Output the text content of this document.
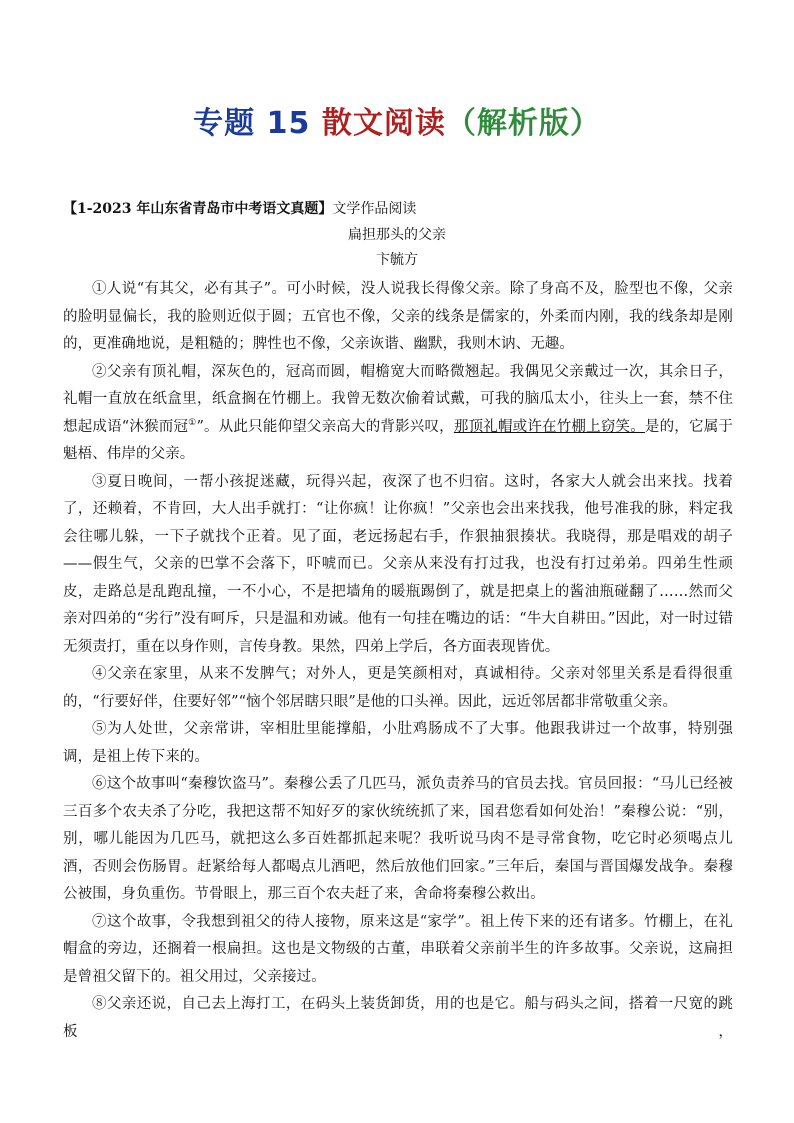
专题 15 散文阅读（解析版）
【1-2023 年山东省青岛市中考语文真题】文学作品阅读
扁担那头的父亲
卞毓方

①人说“有其父，必有其子”。可小时候，没人说我长得像父亲。除了身高不及，脸型也不像，父亲的脸明显偏长，我的脸则近似于圆；五官也不像，父亲的线条是儒家的，外柔而内刚，我的线条却是刚的，更准确地说，是粗糙的；脾性也不像，父亲诙谐、幽默，我则木讷、无趣。

②父亲有顶礼帽，深灰色的，冠高而圆，帽檐宽大而略微翘起。我偶见父亲戴过一次，其余日子，礼帽一直放在纸盒里，纸盒搁在竹棚上。我曾无数次偷着试戴，可我的脑瓜太小，往头上一套，禁不住想起成语“沐猴而冠①”。从此只能仰望父亲高大的背影兴叹，那顶礼帽或许在竹棚上窃笑。是的，它属于魁梧、伟岸的父亲。

③夏日晚间，一帮小孩捉迷藏，玩得兴起，夜深了也不归宿。这时，各家大人就会出来找。找着了，还赖着，不肯回，大人出手就打：“让你疯！让你疯！”父亲也会出来找我，他号准我的脉，料定我会往哪儿躲，一下子就找个正着。见了面，老远扬起右手，作狠抽狠揍状。我晓得，那是唱戏的胡子——假生气，父亲的巴掌不会落下，吓唬而已。父亲从来没有打过我，也没有打过弟弟。四弟生性顽皮，走路总是乱跑乱撞，一不小心，不是把墙角的暖瓶踢倒了，就是把桌上的酱油瓶碰翻了……然而父亲对四弟的“劣行”没有呵斥，只是温和劝诫。他有一句挂在嘴边的话：“牛大自耕田。”因此，对一时过错无须责打，重在以身作则，言传身教。果然，四弟上学后，各方面表现皆优。

④父亲在家里，从来不发脾气；对外人，更是笑颜相对，真诚相待。父亲对邻里关系是看得很重的，“行要好伴，住要好邻”“恼个邻居瞎只眼”是他的口头禅。因此，远近邻居都非常敬重父亲。

⑤为人处世，父亲常讲，宰相肚里能撑船，小肚鸡肠成不了大事。他跟我讲过一个故事，特别强调，是祖上传下来的。

⑥这个故事叫“秦穆饮盗马”。秦穆公丢了几匹马，派负责养马的官员去找。官员回报：“马儿已经被三百多个农夫杀了分吃，我把这帮不知好歹的家伙统统抓了来，国君您看如何处治！”秦穆公说：“别，别，哪儿能因为几匹马，就把这么多百姓都抓起来呢？我听说马肉不是寻常食物，吃它时必须喝点儿酒，否则会伤肠胃。赶紧给每人都喝点儿酒吧，然后放他们回家。”三年后，秦国与晋国爆发战争。秦穆公被围，身负重伤。节骨眼上，那三百个农夫赶了来，舍命将秦穆公救出。

⑦这个故事，令我想到祖父的待人接物，原来这是“家学”。祖上传下来的还有诸多。竹棚上，在礼帽盒的旁边，还搁着一根扁担。这也是文物级的古董，串联着父亲前半生的许多故事。父亲说，这扁担是曾祖父留下的。祖父用过，父亲接过。

⑧父亲还说，自己去上海打工，在码头上装货卸货，用的也是它。船与码头之间，搭着一尺宽的跳板，
